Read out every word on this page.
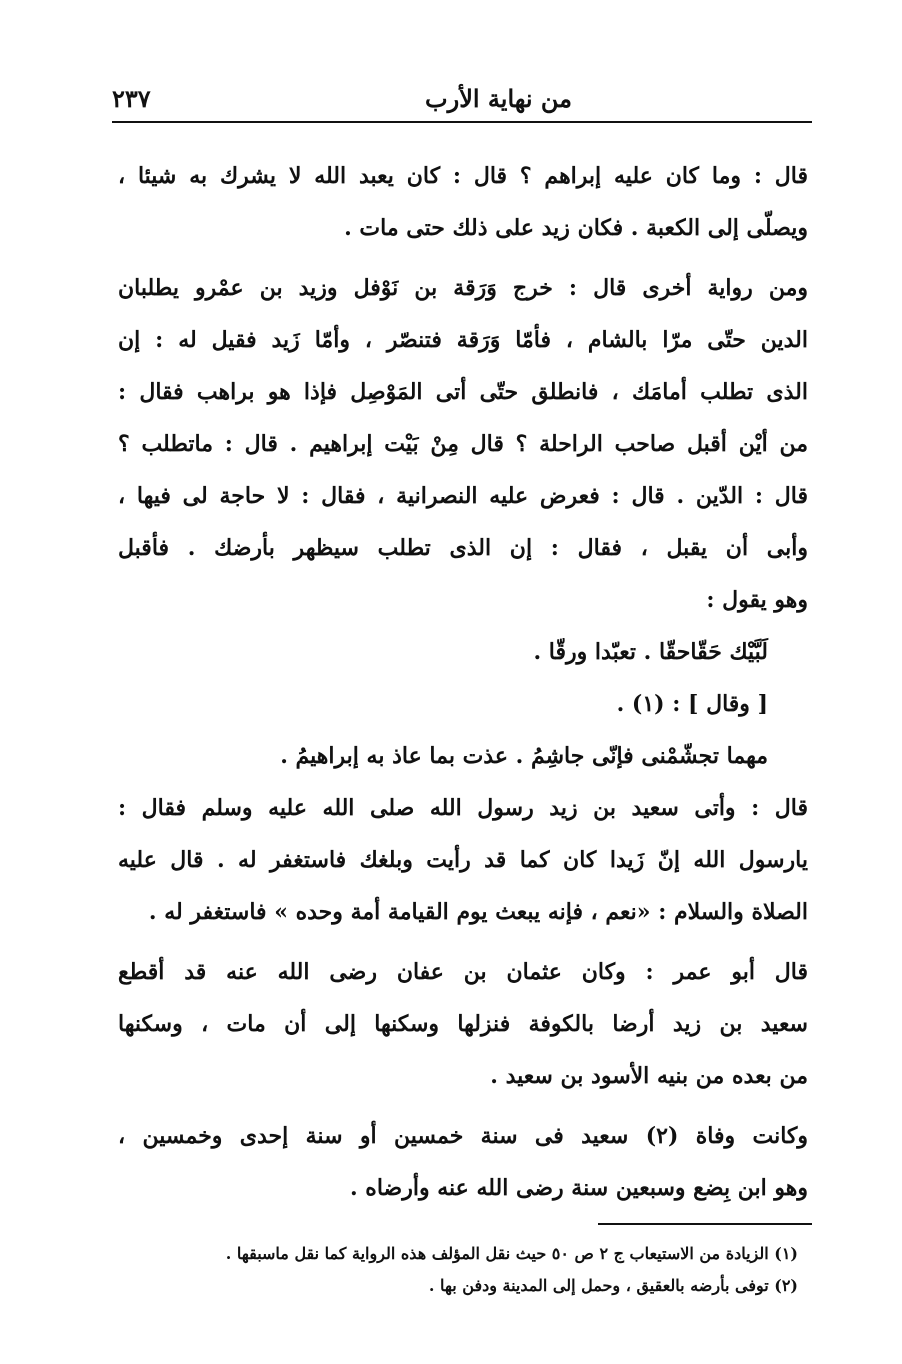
من نهاية الأرب
٢٣٧
قال : وما كان عليه إبراهم ؟ قال : كان يعبد الله لا يشرك به شيئا ،
ويصلّى إلى الكعبة . فكان زيد على ذلك حتى مات .
ومن رواية أخرى قال : خرج وَرَقة بن نَوْفل وزيد بن عمْرو يطلبان
الدين حتّى مرّا بالشام ، فأمّا وَرَقة فتنصّر ، وأمّا زَيد فقيل له : إن
الذى تطلب أمامَك ، فانطلق حتّى أتى المَوْصِل فإذا هو براهب فقال :
من أيْن أقبل صاحب الراحلة ؟ قال مِنْ بَيْت إبراهيم . قال : ماتطلب ؟
قال : الدّين . قال : فعرض عليه النصرانية ، فقال : لا حاجة لى فيها ،
وأبى أن يقبل ، فقال : إن الذى تطلب سيظهر بأرضك . فأقبل
وهو يقول :
لَبَّيْك حَقّاحقّا . تعبّدا ورقّا .
[ وقال ] : (١) .
مهما تجشّمْنى فإنّى جاشِمُ . عذت بما عاذ به إبراهيمُ .
قال : وأتى سعيد بن زيد رسول الله صلى الله عليه وسلم فقال :
يارسول الله إنّ زَيدا كان كما قد رأيت وبلغك فاستغفر له . قال عليه
الصلاة والسلام : «نعم ، فإنه يبعث يوم القيامة أمة وحده » فاستغفر له .
قال أبو عمر : وكان عثمان بن عفان رضى الله عنه قد أقطع
سعيد بن زيد أرضا بالكوفة فنزلها وسكنها إلى أن مات ، وسكنها
من بعده من بنيه الأسود بن سعيد .
وكانت وفاة (٢) سعيد فى سنة خمسين أو سنة إحدى وخمسين ،
وهو ابن بِضع وسبعين سنة رضى الله عنه وأرضاه .
(١) الزيادة من الاستيعاب ج ٢ ص ٥٠ حيث نقل المؤلف هذه الرواية كما نقل ماسبقها .
(٢) توفى بأرضه بالعقيق ، وحمل إلى المدينة ودفن بها .
